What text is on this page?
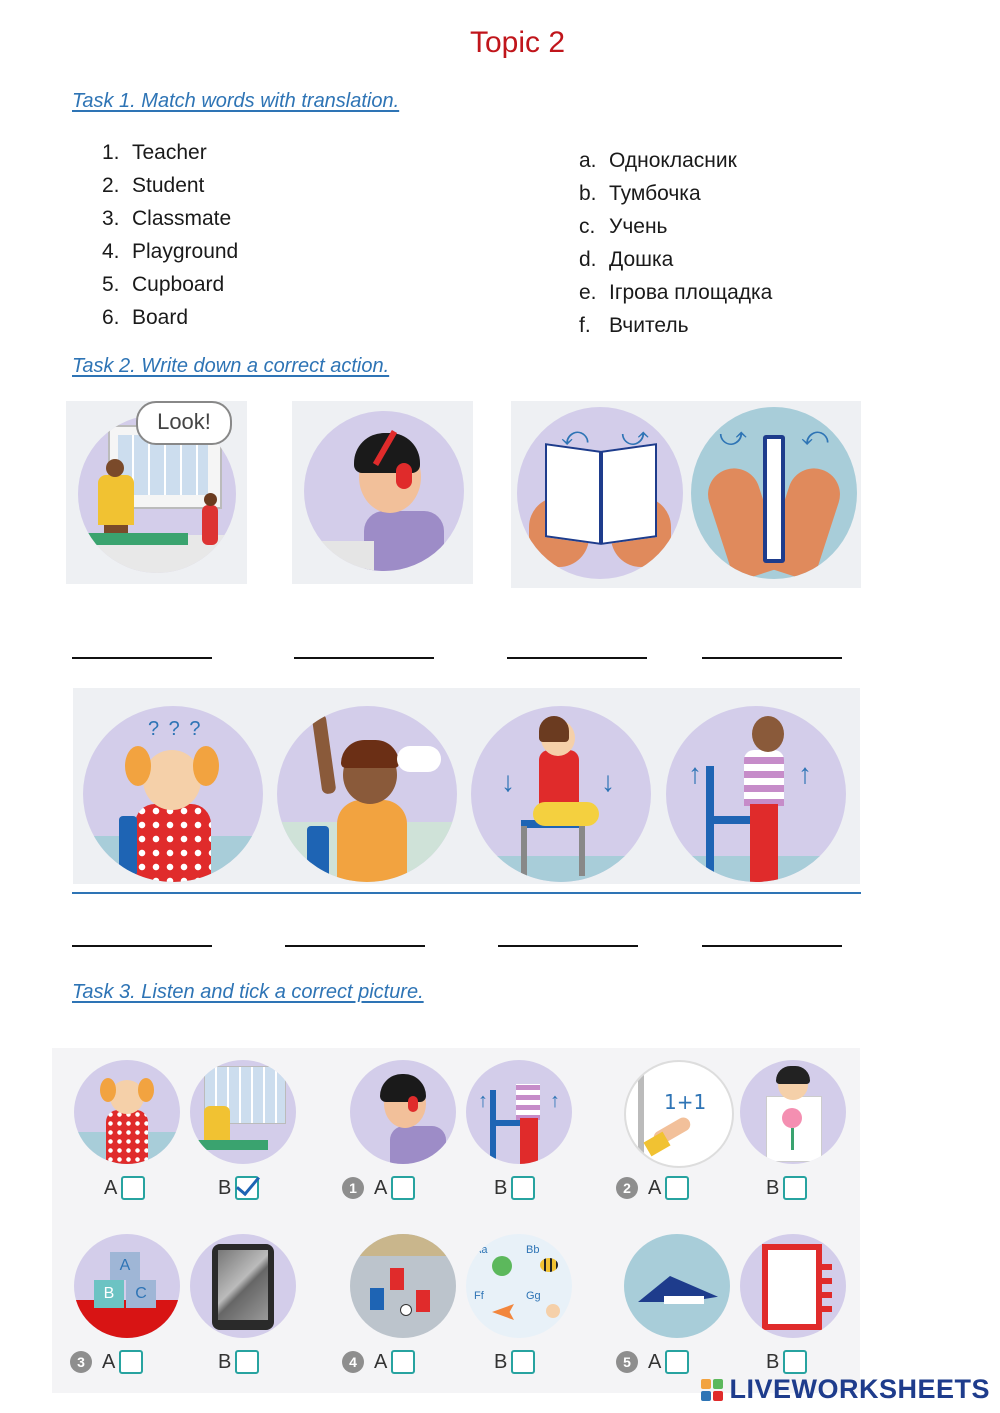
Topic 2
Task 1. Match words with translation.
1. Teacher
2. Student
3. Classmate
4. Playground
5. Cupboard
6. Board
a. Однокласник
b. Тумбочка
c. Учень
d. Дошка
e. Ігрова площадка
f. Вчитель
Task 2. Write down a correct action.
Look!	⤺ ⤻	⤻ ⤺
? ? ?
↓	↓	↑	↑
Task 3. Listen and tick a correct picture.
A	B
↑	↑
1 A	B
1+1
2 A	B
A
B	C
3 A	B
Aa	Bb
Ff	Gg
4 A	B	5 A	B
LIVEWORKSHEETS
